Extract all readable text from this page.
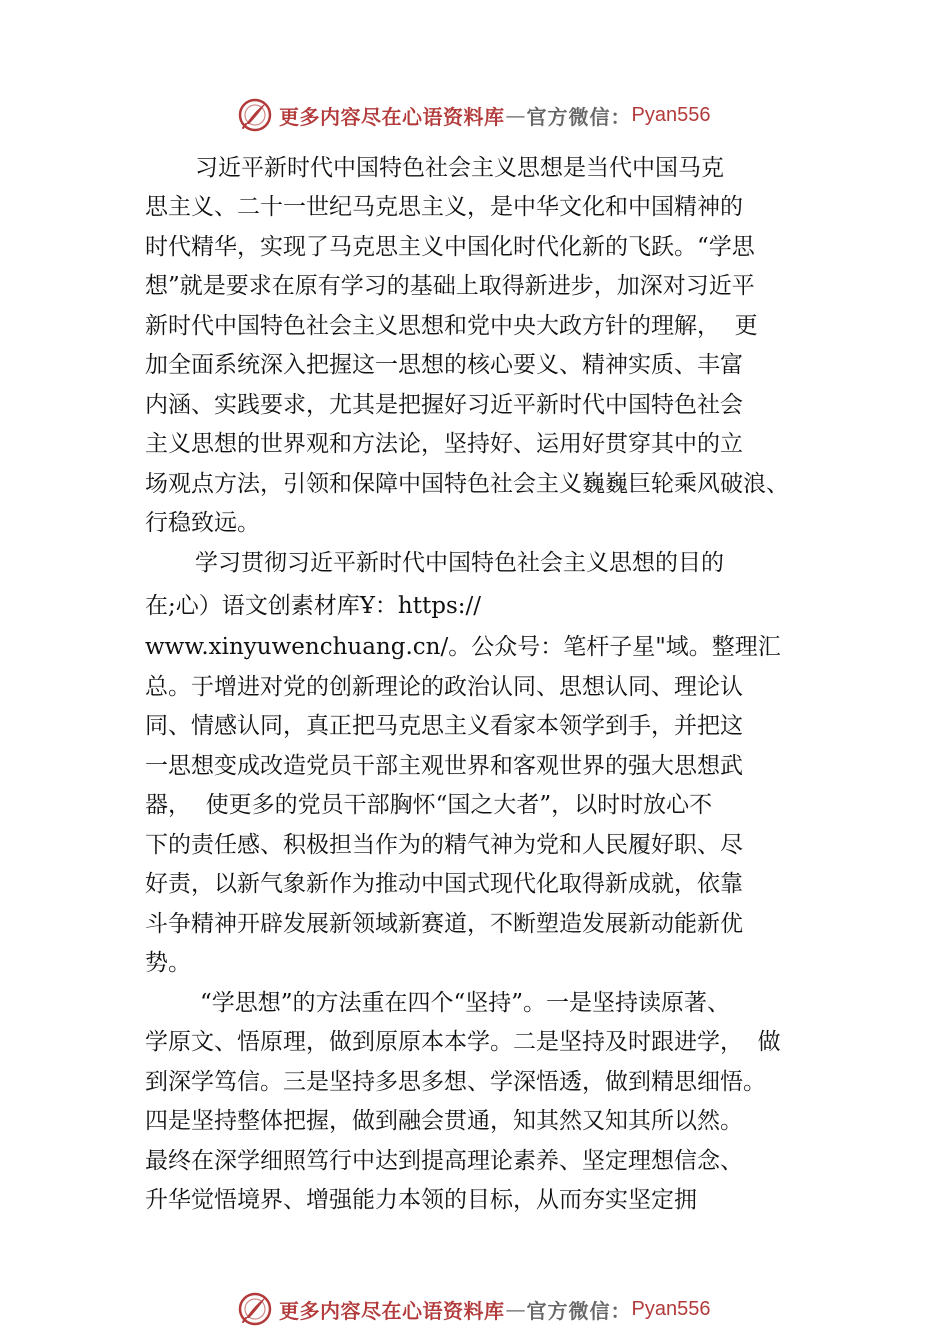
更多内容尽在心语资料库 — 官方微信： Pyan556
习近平新时代中国特色社会主义思想是当代中国马克
思主义、二十一世纪马克思主义，是中华文化和中国精神的
时代精华，实现了马克思主义中国化时代化新的飞跃。“学思
想”就是要求在原有学习的基础上取得新进步，加深对习近平
新时代中国特色社会主义思想和党中央大政方针的理解，  更
加全面系统深入把握这一思想的核心要义、精神实质、丰富
内涵、实践要求，尤其是把握好习近平新时代中国特色社会
主义思想的世界观和方法论，坚持好、运用好贯穿其中的立
场观点方法，引领和保障中国特色社会主义巍巍巨轮乘风破浪、
行稳致远。
学习贯彻习近平新时代中国特色社会主义思想的目的
在;心）语文创素材库Ұ：https://
www.xinyuwenchuang.cn/。公众号：笔杆子星"域。整理汇
总。于增进对党的创新理论的政治认同、思想认同、理论认
同、情感认同，真正把马克思主义看家本领学到手，并把这
一思想变成改造党员干部主观世界和客观世界的强大思想武
器，  使更多的党员干部胸怀“国之大者”，以时时放心不
下的责任感、积极担当作为的精气神为党和人民履好职、尽
好责，以新气象新作为推动中国式现代化取得新成就，依靠
斗争精神开辟发展新领域新赛道，不断塑造发展新动能新优
势。
“学思想”的方法重在四个“坚持”。一是坚持读原著、
学原文、悟原理，做到原原本本学。二是坚持及时跟进学，  做
到深学笃信。三是坚持多思多想、学深悟透，做到精思细悟。
四是坚持整体把握，做到融会贯通，知其然又知其所以然。
最终在深学细照笃行中达到提高理论素养、坚定理想信念、
升华觉悟境界、增强能力本领的目标，从而夯实坚定拥
更多内容尽在心语资料库 — 官方微信： Pyan556
